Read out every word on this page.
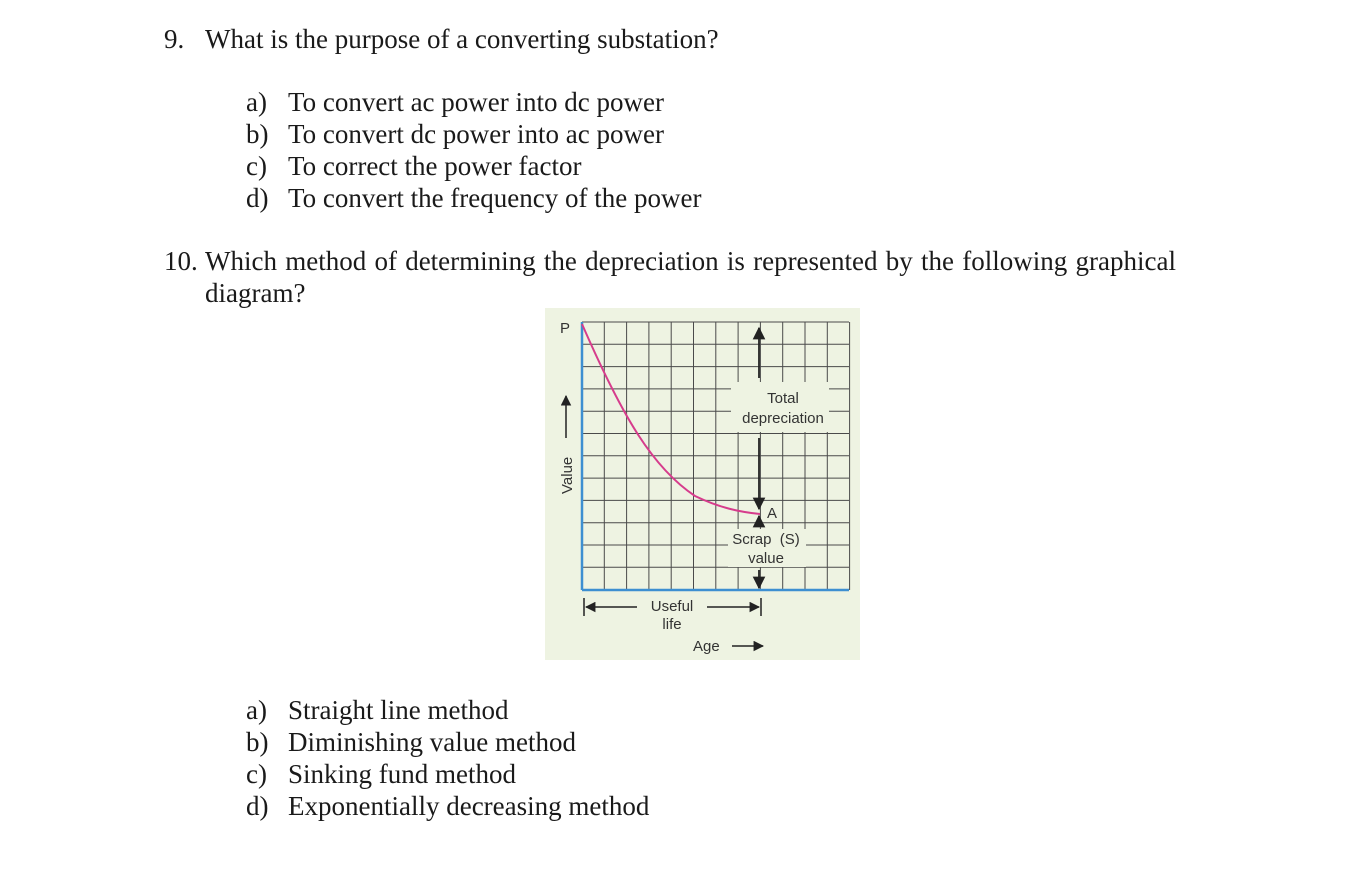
9. What is the purpose of a converting substation?
a) To convert ac power into dc power
b) To convert dc power into ac power
c) To correct the power factor
d) To convert the frequency of the power
10. Which method of determining the depreciation is represented by the following graphical
diagram?
P
Value
Total
depreciation
A
Scrap  (S)
value
Useful
life
Age
a) Straight line method
b) Diminishing value method
c) Sinking fund method
d) Exponentially decreasing method
